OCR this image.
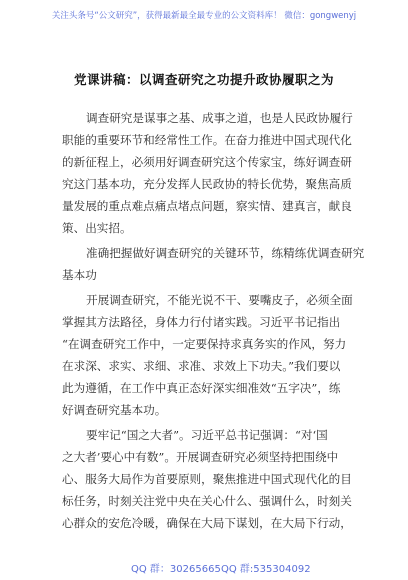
关注头条号“公文研究”，获得最新最全最专业的公文资料库！ 微信：gongwenyj
党课讲稿：以调查研究之功提升政协履职之为
调查研究是谋事之基、成事之道，也是人民政协履行
职能的重要环节和经常性工作。在奋力推进中国式现代化
的新征程上，必须用好调查研究这个传家宝，练好调查研
究这门基本功，充分发挥人民政协的特长优势，聚焦高质
量发展的重点难点痛点堵点问题，察实情、建真言，献良
策、出实招。
准确把握做好调查研究的关键环节，练精练优调查研究
基本功
开展调查研究，不能光说不干、要嘴皮子，必须全面
掌握其方法路径，身体力行付诸实践。习近平书记指出
“在调查研究工作中，一定要保持求真务实的作风，努力
在求深、求实、求细、求准、求效上下功夫。”我们要以
此为遵循，在工作中真正态好深实细准效“五字决”，练
好调查研究基本功。
要牢记“国之大者”。习近平总书记强调：“对‘国
之大者’要心中有数”。开展调查研究必须坚持把围绕中
心、服务大局作为首要原则，聚焦推进中国式现代化的目
标任务，时刻关注党中央在关心什么、强调什么，时刻关
心群众的安危冷暖，确保在大局下谋划，在大局下行动，
QQ 群：30265665 QQ 群:535304092
